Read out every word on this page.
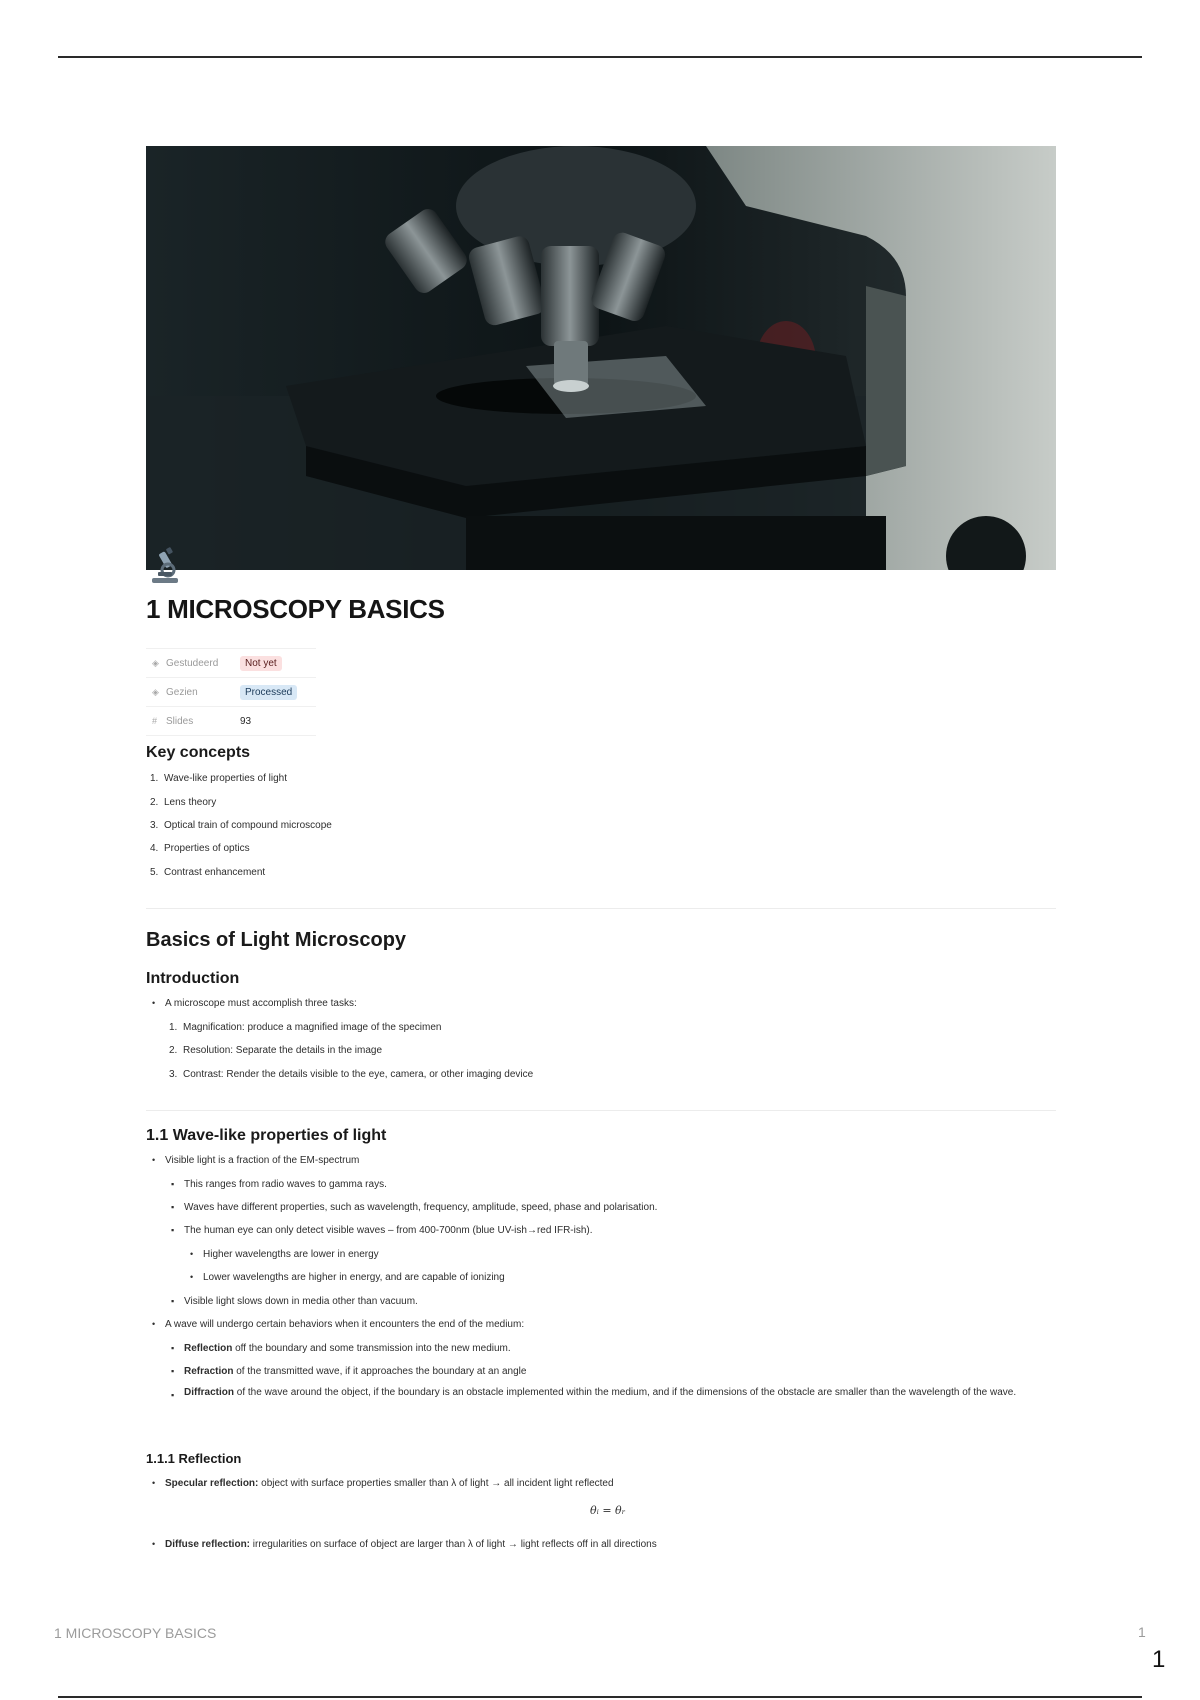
1 MICROSCOPY BASICS
◈ Gestudeerd	Not yet
◈ Gezien	Processed
# Slides	93
Key concepts
1. Wave-like properties of light
2. Lens theory
3. Optical train of compound microscope
4. Properties of optics
5. Contrast enhancement
Basics of Light Microscopy
Introduction
• A microscope must accomplish three tasks:
1. Magnification: produce a magnified image of the specimen
2. Resolution: Separate the details in the image
3. Contrast: Render the details visible to the eye, camera, or other imaging device
1.1 Wave-like properties of light
• Visible light is a fraction of the EM-spectrum
▪ This ranges from radio waves to gamma rays.
▪ Waves have different properties, such as wavelength, frequency, amplitude, speed, phase and polarisation.
▪ The human eye can only detect visible waves – from 400-700nm (blue UV-ish→red IFR-ish).
• Higher wavelengths are lower in energy
• Lower wavelengths are higher in energy, and are capable of ionizing
▪ Visible light slows down in media other than vacuum.
• A wave will undergo certain behaviors when it encounters the end of the medium:
▪ Reflection off the boundary and some transmission into the new medium.
▪ Refraction of the transmitted wave, if it approaches the boundary at an angle
▪ Diffraction of the wave around the object, if the boundary is an obstacle implemented within the medium, and if the dimensions of the obstacle are smaller than the wavelength of the wave.
1.1.1 Reflection
• Specular reflection: object with surface properties smaller than λ of light → all incident light reflected
θᵢ = θᵣ
• Diffuse reflection: irregularities on surface of object are larger than λ of light → light reflects off in all directions
1 MICROSCOPY BASICS	1
1
